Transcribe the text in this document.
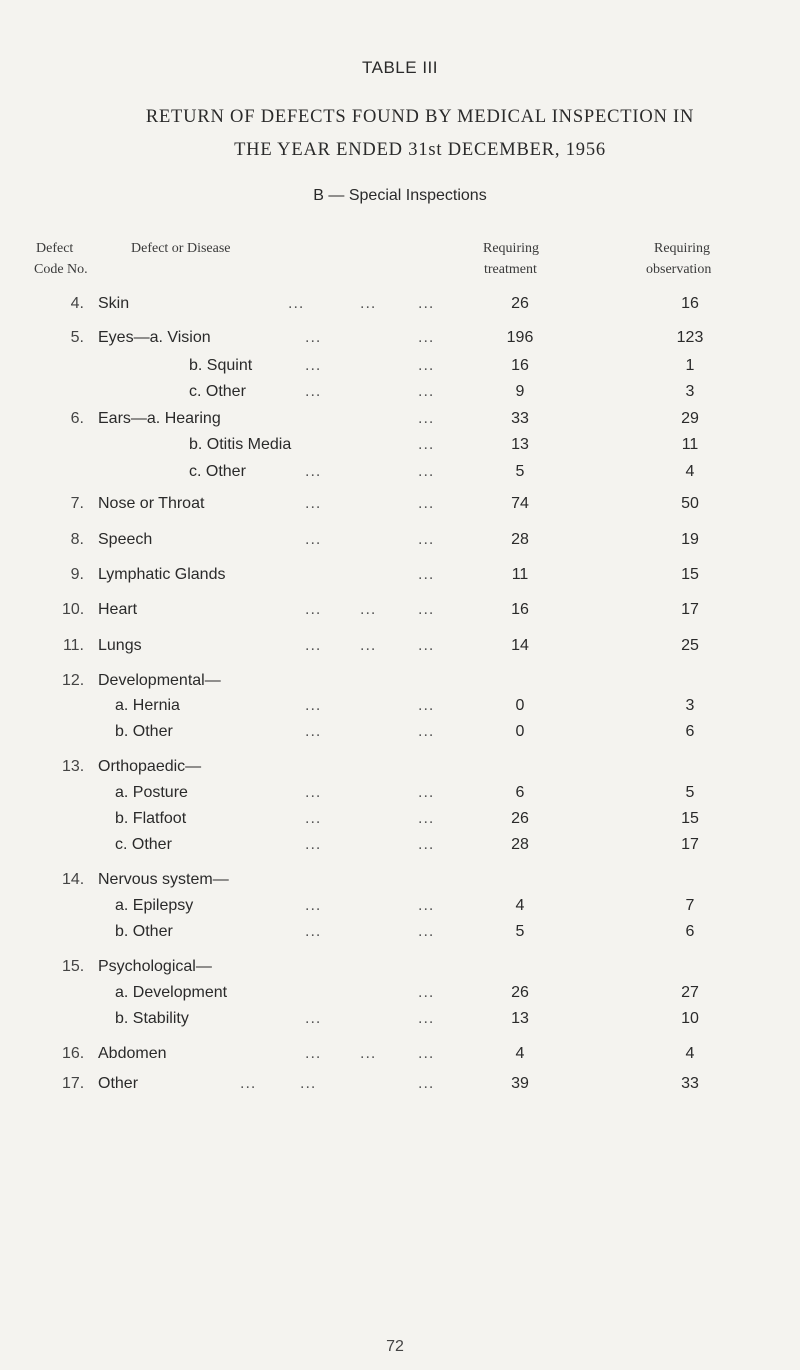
TABLE III
RETURN OF DEFECTS FOUND BY MEDICAL INSPECTION IN
THE YEAR ENDED 31st DECEMBER, 1956
B — Special Inspections
Defect
Code No.
Defect or Disease	Requiring
treatment
Requiring
observation
4. Skin	...	...	...	26	16
5. Eyes—a. Vision	...	...	196	123
b. Squint	...	...	16	1
c. Other	...	...	9	3
6. Ears—a. Hearing	...	33	29
b. Otitis Media	...	13	11
c. Other	...	...	5	4
7. Nose or Throat	...	...	74	50
8. Speech	...	...	28	19
9. Lymphatic Glands	...	11	15
10. Heart	... ...	...	16	17
11. Lungs	... ...	...	14	25
12. Developmental—
a. Hernia	...	...	0	3
b. Other	...	...	0	6
13. Orthopaedic—
a. Posture	...	...	6	5
b. Flatfoot	...	...	26	15
c. Other	...	...	28	17
14. Nervous system—
a. Epilepsy	...	...	4	7
b. Other	...	...	5	6
15. Psychological—
a. Development	...	26	27
b. Stability	...	...	13	10
16. Abdomen	... ...	...	4	4
17. Other	...	...	...	39	33
72
